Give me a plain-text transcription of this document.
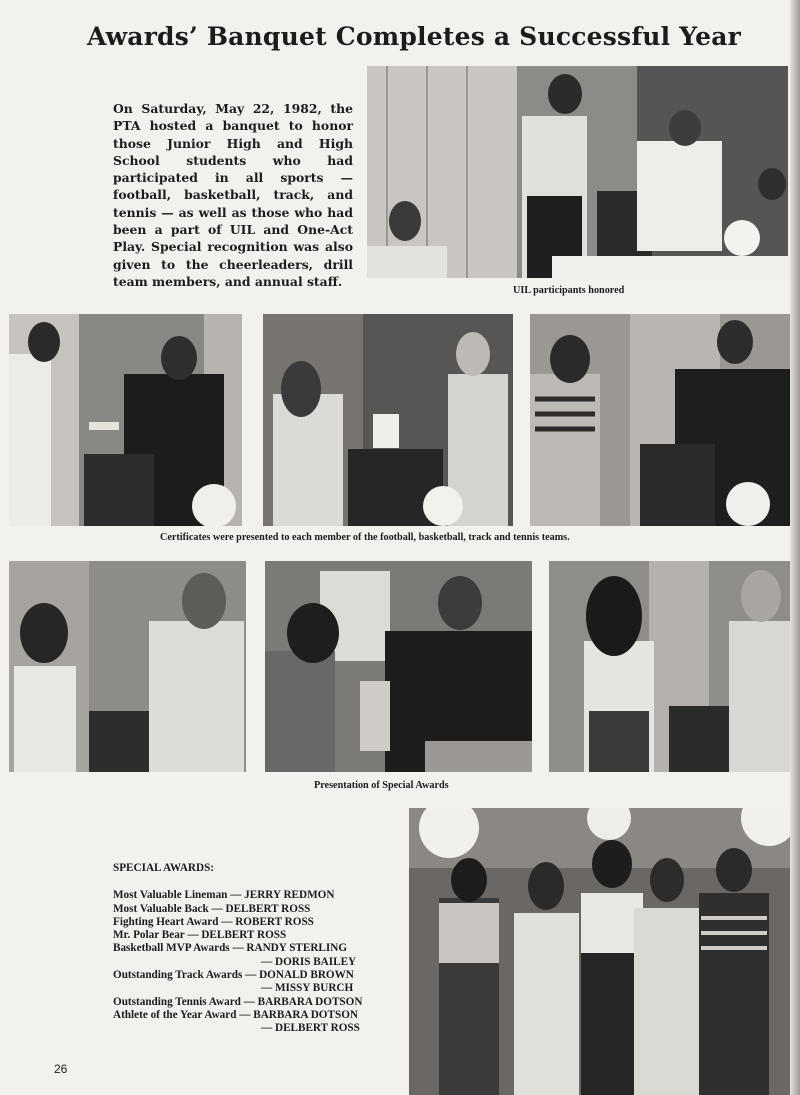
Awards’ Banquet Completes a Successful Year
On Saturday, May 22, 1982, the PTA hosted a banquet to honor those Junior High and High School students who had participated in all sports — football, basketball, track, and tennis — as well as those who had been a part of UIL and One-Act Play. Special recognition was also given to the cheerleaders, drill team members, and annual staff.
UIL participants honored
Certificates were presented to each member of the football, basketball, track and tennis teams.
Presentation of Special Awards
SPECIAL AWARDS:
Most Valuable Lineman — JERRY REDMON
Most Valuable Back — DELBERT ROSS
Fighting Heart Award — ROBERT ROSS
Mr. Polar Bear — DELBERT ROSS
Basketball MVP Awards — RANDY STERLING
— DORIS BAILEY
Outstanding Track Awards — DONALD BROWN
— MISSY BURCH
Outstanding Tennis Award — BARBARA DOTSON
Athlete of the Year Award — BARBARA DOTSON
— DELBERT ROSS
26
